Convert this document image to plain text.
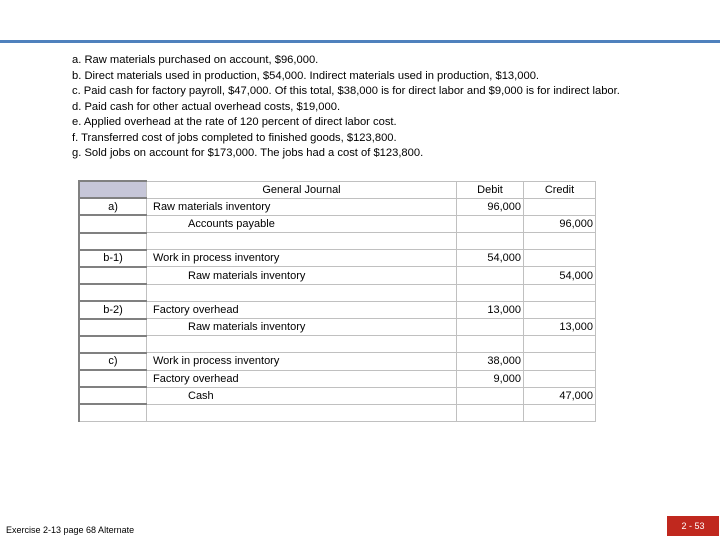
a. Raw materials purchased on account, $96,000.
b. Direct materials used in production, $54,000. Indirect materials used in production, $13,000.
c. Paid cash for factory payroll, $47,000. Of this total, $38,000 is for direct labor and $9,000 is for indirect labor.
d. Paid cash for other actual overhead costs, $19,000.
e. Applied overhead at the rate of 120 percent of direct labor cost.
f. Transferred cost of jobs completed to finished goods, $123,800.
g. Sold jobs on account for $173,000. The jobs had a cost of $123,800.
	General Journal	Debit	Credit
a)	Raw materials inventory	96,000	
	Accounts payable		96,000

b-1)	Work in process inventory	54,000	
	Raw materials inventory		54,000

b-2)	Factory overhead	13,000	
	Raw materials inventory		13,000

c)	Work in process inventory	38,000	
	Factory overhead	9,000	
	Cash		47,000

Exercise 2-13 page 68 Alternate	2 - 53
